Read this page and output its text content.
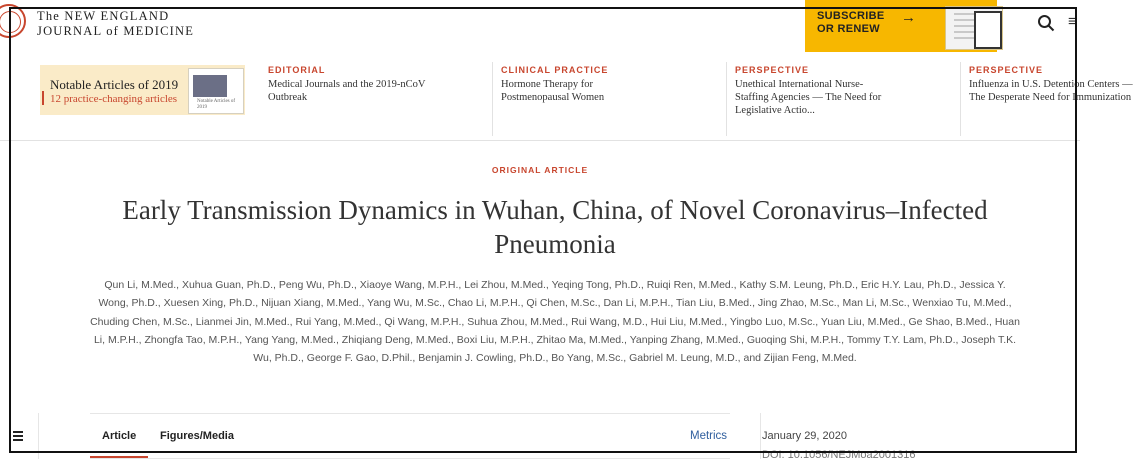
The NEW ENGLAND
JOURNAL of MEDICINE
SUBSCRIBE
OR RENEW
→	≡
Notable Articles of 2019
12 practice-changing articles	Notable Articles of 2019
EDITORIAL
Medical Journals and the 2019-nCoV Outbreak
CLINICAL PRACTICE
Hormone Therapy for Postmenopausal Women
PERSPECTIVE
Unethical International Nurse-Staffing Agencies — The Need for Legislative Actio...
PERSPECTIVE
Influenza in U.S. Detention Centers — The Desperate Need for Immunization
ORIGINAL ARTICLE
Early Transmission Dynamics in Wuhan, China, of Novel Coronavirus–Infected Pneumonia
Qun Li, M.Med., Xuhua Guan, Ph.D., Peng Wu, Ph.D., Xiaoye Wang, M.P.H., Lei Zhou, M.Med., Yeqing Tong, Ph.D., Ruiqi Ren, M.Med., Kathy S.M. Leung, Ph.D., Eric H.Y. Lau, Ph.D., Jessica Y. Wong, Ph.D., Xuesen Xing, Ph.D., Nijuan Xiang, M.Med., Yang Wu, M.Sc., Chao Li, M.P.H., Qi Chen, M.Sc., Dan Li, M.P.H., Tian Liu, B.Med., Jing Zhao, M.Sc., Man Li, M.Sc., Wenxiao Tu, M.Med., Chuding Chen, M.Sc., Lianmei Jin, M.Med., Rui Yang, M.Med., Qi Wang, M.P.H., Suhua Zhou, M.Med., Rui Wang, M.D., Hui Liu, M.Med., Yingbo Luo, M.Sc., Yuan Liu, M.Med., Ge Shao, B.Med., Huan Li, M.P.H., Zhongfa Tao, M.P.H., Yang Yang, M.Med., Zhiqiang Deng, M.Med., Boxi Liu, M.P.H., Zhitao Ma, M.Med., Yanping Zhang, M.Med., Guoqing Shi, M.P.H., Tommy T.Y. Lam, Ph.D., Joseph T.K. Wu, Ph.D., George F. Gao, D.Phil., Benjamin J. Cowling, Ph.D., Bo Yang, M.Sc., Gabriel M. Leung, M.D., and Zijian Feng, M.Med.
Article Figures/Media	Metrics	January 29, 2020
DOI: 10.1056/NEJMoa2001316
